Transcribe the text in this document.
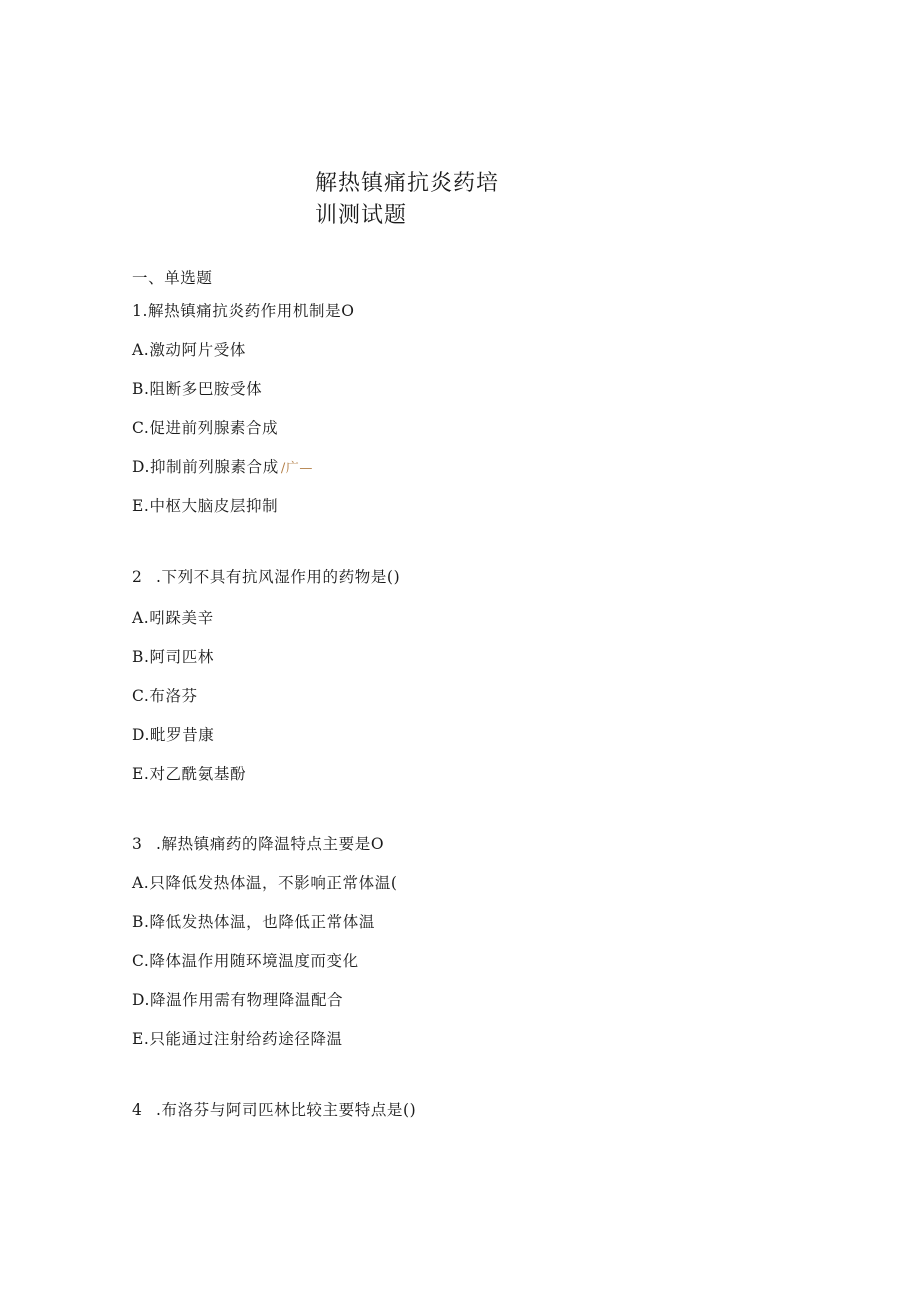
解热镇痛抗炎药培
训测试题
一、单选题
1.解热镇痛抗炎药作用机制是O
A.激动阿片受体
B.阻断多巴胺受体
C.促进前列腺素合成
D.抑制前列腺素合成 /广—
E.中枢大脑皮层抑制
2 .下列不具有抗风湿作用的药物是()
A.吲跺美辛
B.阿司匹林
C.布洛芬
D.毗罗昔康
E.对乙酰氨基酚
3 .解热镇痛药的降温特点主要是O
A.只降低发热体温，不影响正常体温(
B.降低发热体温，也降低正常体温
C.降体温作用随环境温度而变化
D.降温作用需有物理降温配合
E.只能通过注射给药途径降温
4 .布洛芬与阿司匹林比较主要特点是()
